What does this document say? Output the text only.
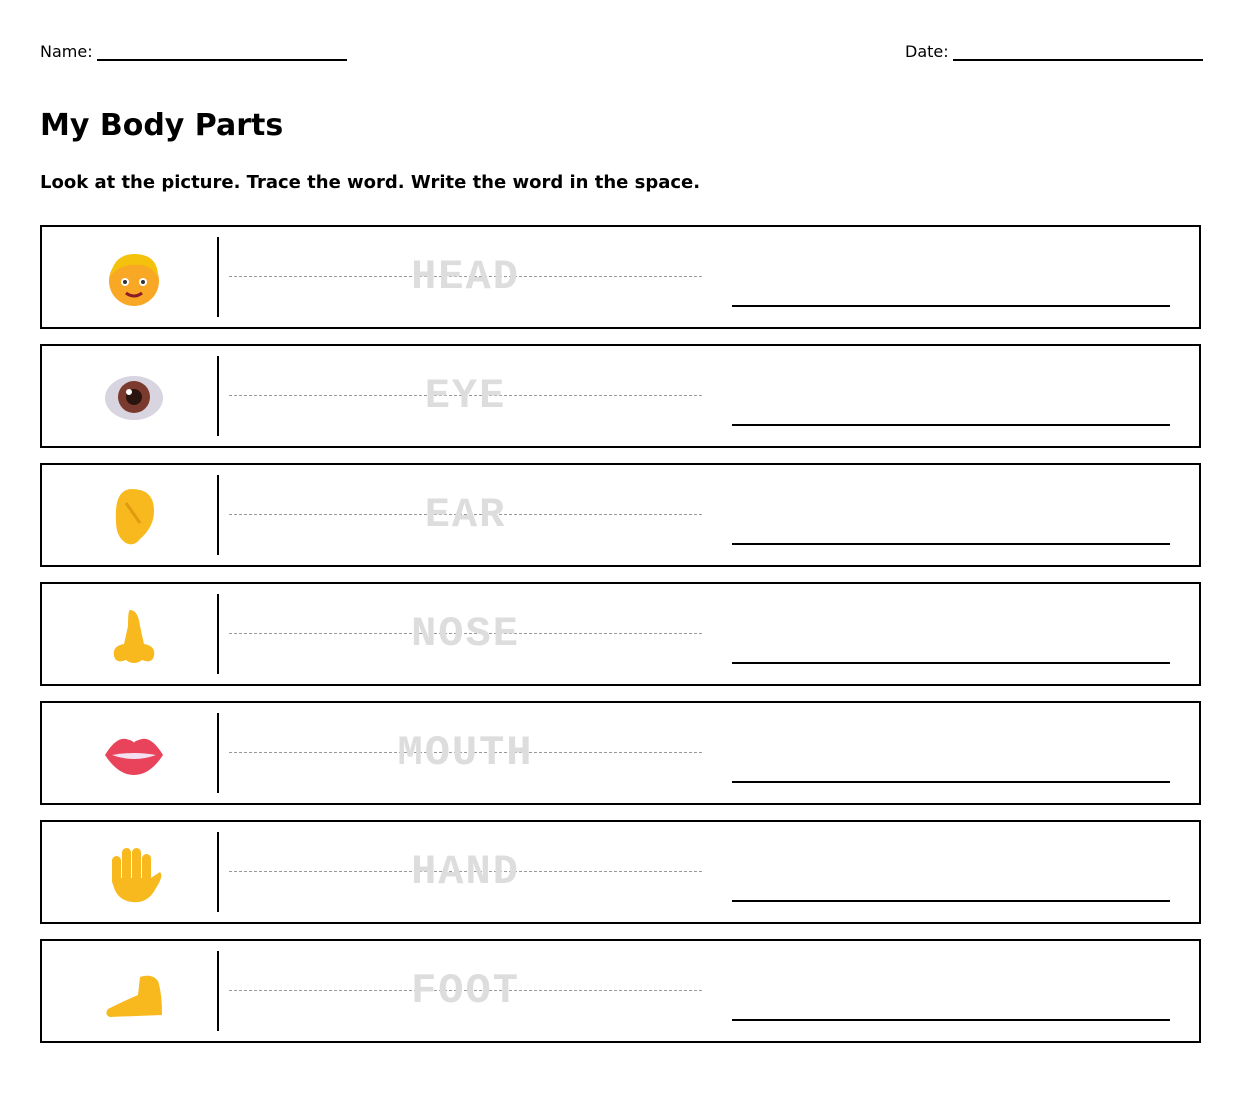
Name:	Date:
My Body Parts
Look at the picture. Trace the word. Write the word in the space.
HEAD
EYE
EAR
NOSE
MOUTH
HAND
FOOT
